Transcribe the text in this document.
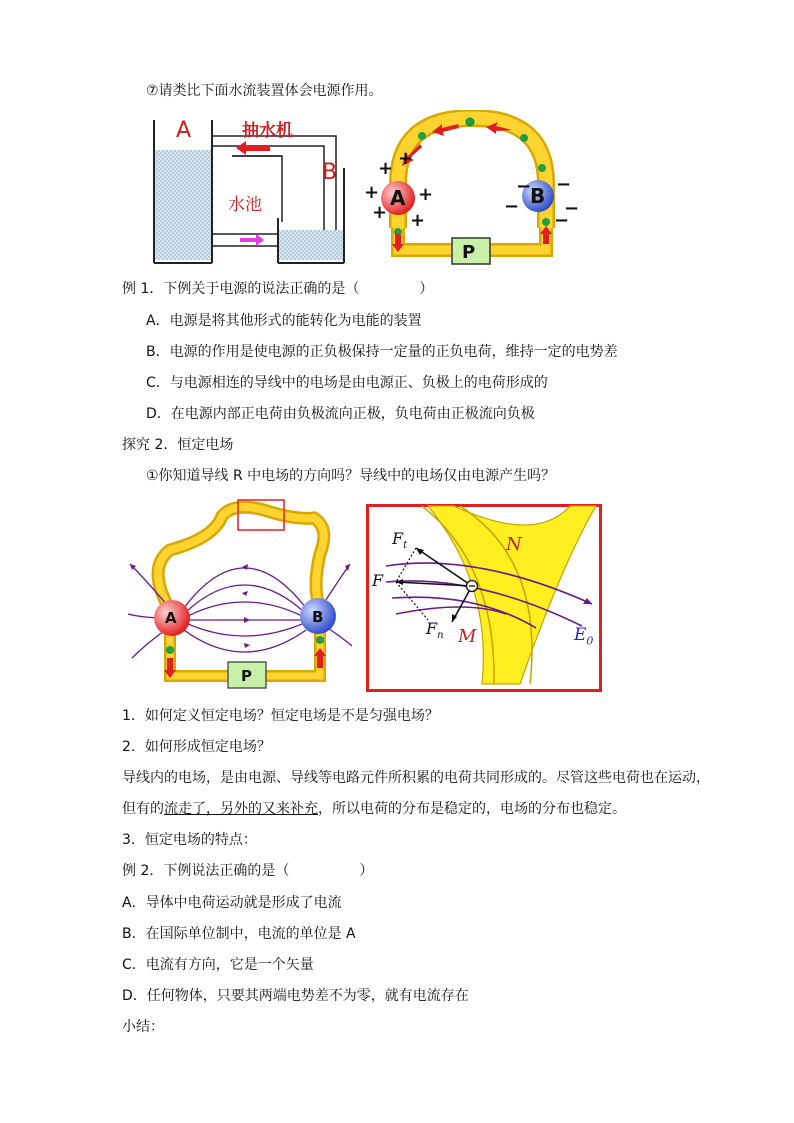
⑦请类比下面水流装置体会电源作用。
A	抽水机
B
水池	A	B
P
+ +
+ +
+ +
− −
− −
−
例 1．下例关于电源的说法正确的是（	）
A．电源是将其他形式的能转化为电能的装置
B．电源的作用是使电源的正负极保持一定量的正负电荷，维持一定的电势差
C．与电源相连的导线中的电场是由电源正、负极上的电荷形成的
D．在电源内部正电荷由负极流向正极，负电荷由正极流向负极
探究 2．恒定电场
①你知道导线 R 中电场的方向吗？导线中的电场仅由电源产生吗？
A	B
P
$F_t$
F
$F_n$
N
M	$E_0$
1．如何定义恒定电场？恒定电场是不是匀强电场？
2．如何形成恒定电场？
导线内的电场，是由电源、导线等电路元件所积累的电荷共同形成的。尽管这些电荷也在运动，
但有的流走了，另外的又来补充，所以电荷的分布是稳定的，电场的分布也稳定。
3．恒定电场的特点：
例 2．下例说法正确的是（	）
A．导体中电荷运动就是形成了电流
B．在国际单位制中，电流的单位是 A
C．电流有方向，它是一个矢量
D．任何物体，只要其两端电势差不为零，就有电流存在
小结：
